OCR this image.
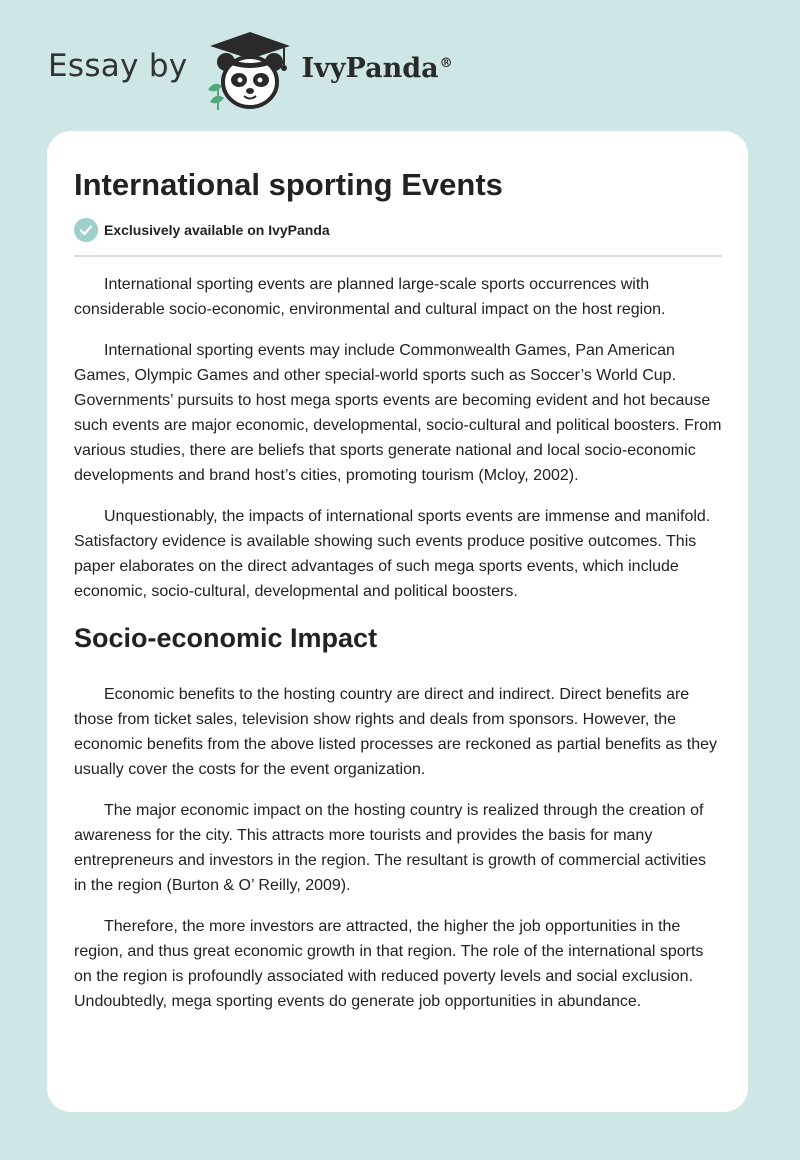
Essay by	IvyPanda®
International sporting Events
Exclusively available on IvyPanda

International sporting events are planned large-scale sports occurrences with considerable socio-economic, environmental and cultural impact on the host region.

International sporting events may include Commonwealth Games, Pan American Games, Olympic Games and other special-world sports such as Soccer’s World Cup. Governments’ pursuits to host mega sports events are becoming evident and hot because such events are major economic, developmental, socio-cultural and political boosters. From various studies, there are beliefs that sports generate national and local socio-economic developments and brand host’s cities, promoting tourism (Mcloy, 2002).

Unquestionably, the impacts of international sports events are immense and manifold. Satisfactory evidence is available showing such events produce positive outcomes. This paper elaborates on the direct advantages of such mega sports events, which include economic, socio-cultural, developmental and political boosters.

Socio-economic Impact

Economic benefits to the hosting country are direct and indirect. Direct benefits are those from ticket sales, television show rights and deals from sponsors. However, the economic benefits from the above listed processes are reckoned as partial benefits as they usually cover the costs for the event organization.

The major economic impact on the hosting country is realized through the creation of awareness for the city. This attracts more tourists and provides the basis for many entrepreneurs and investors in the region. The resultant is growth of commercial activities in the region (Burton & O’ Reilly, 2009).

Therefore, the more investors are attracted, the higher the job opportunities in the region, and thus great economic growth in that region. The role of the international sports on the region is profoundly associated with reduced poverty levels and social exclusion. Undoubtedly, mega sporting events do generate job opportunities in abundance.
